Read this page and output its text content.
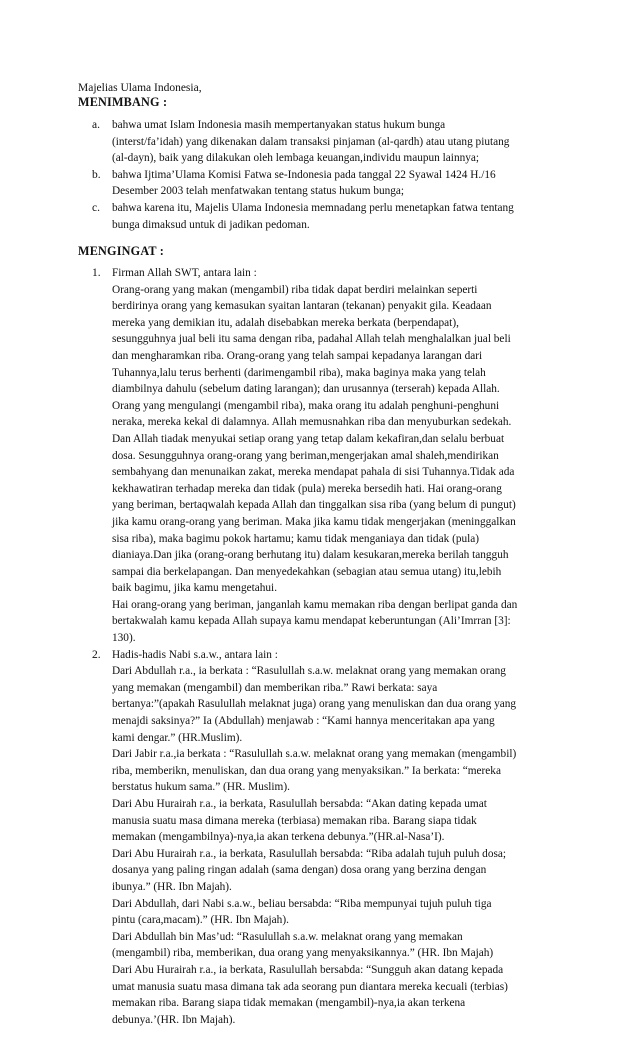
Majelias Ulama Indonesia,
MENIMBANG :
a. bahwa umat Islam Indonesia masih mempertanyakan status hukum bunga
(interst/fa’idah) yang dikenakan dalam transaksi pinjaman (al-qardh) atau utang piutang
(al-dayn), baik yang dilakukan oleh lembaga keuangan,individu maupun lainnya;
b. bahwa Ijtima’Ulama Komisi Fatwa se-Indonesia pada tanggal 22 Syawal 1424 H./16
Desember 2003 telah menfatwakan tentang status hukum bunga;
c. bahwa karena itu, Majelis Ulama Indonesia memnadang perlu menetapkan fatwa tentang
bunga dimaksud untuk di jadikan pedoman.
MENGINGAT :
1. Firman Allah SWT, antara lain :
Orang-orang yang makan (mengambil) riba tidak dapat berdiri melainkan seperti
berdirinya orang yang kemasukan syaitan lantaran (tekanan) penyakit gila. Keadaan
mereka yang demikian itu, adalah disebabkan mereka berkata (berpendapat),
sesungguhnya jual beli itu sama dengan riba, padahal Allah telah menghalalkan jual beli
dan mengharamkan riba. Orang-orang yang telah sampai kepadanya larangan dari
Tuhannya,lalu terus berhenti (darimengambil riba), maka baginya maka yang telah
diambilnya dahulu (sebelum dating larangan); dan urusannya (terserah) kepada Allah.
Orang yang mengulangi (mengambil riba), maka orang itu adalah penghuni-penghuni
neraka, mereka kekal di dalamnya. Allah memusnahkan riba dan menyuburkan sedekah.
Dan Allah tiadak menyukai setiap orang yang tetap dalam kekafiran,dan selalu berbuat
dosa. Sesungguhnya orang-orang yang beriman,mengerjakan amal shaleh,mendirikan
sembahyang dan menunaikan zakat, mereka mendapat pahala di sisi Tuhannya.Tidak ada
kekhawatiran terhadap mereka dan tidak (pula) mereka bersedih hati. Hai orang-orang
yang beriman, bertaqwalah kepada Allah dan tinggalkan sisa riba (yang belum di pungut)
jika kamu orang-orang yang beriman. Maka jika kamu tidak mengerjakan (meninggalkan
sisa riba), maka bagimu pokok hartamu; kamu tidak menganiaya dan tidak (pula)
dianiaya.Dan jika (orang-orang berhutang itu) dalam kesukaran,mereka berilah tangguh
sampai dia berkelapangan. Dan menyedekahkan (sebagian atau semua utang) itu,lebih
baik bagimu, jika kamu mengetahui.
Hai orang-orang yang beriman, janganlah kamu memakan riba dengan berlipat ganda dan
bertakwalah kamu kepada Allah supaya kamu mendapat keberuntungan (Ali’Imrran [3]:
130).
2. Hadis-hadis Nabi s.a.w., antara lain :
Dari Abdullah r.a., ia berkata : “Rasulullah s.a.w. melaknat orang yang memakan orang
yang memakan (mengambil) dan memberikan riba.” Rawi berkata: saya
bertanya:”(apakah Rasulullah melaknat juga) orang yang menuliskan dan dua orang yang
menajdi saksinya?” Ia (Abdullah) menjawab : “Kami hannya menceritakan apa yang
kami dengar.” (HR.Muslim).
Dari Jabir r.a.,ia berkata : “Rasulullah s.a.w. melaknat orang yang memakan (mengambil)
riba, memberikn, menuliskan, dan dua orang yang menyaksikan.” Ia berkata: “mereka
berstatus hukum sama.” (HR. Muslim).
Dari Abu Hurairah r.a., ia berkata, Rasulullah bersabda: “Akan dating kepada umat
manusia suatu masa dimana mereka (terbiasa) memakan riba. Barang siapa tidak
memakan (mengambilnya)-nya,ia akan terkena debunya.”(HR.al-Nasa’I).
Dari Abu Hurairah r.a., ia berkata, Rasulullah bersabda: “Riba adalah tujuh puluh dosa;
dosanya yang paling ringan adalah (sama dengan) dosa orang yang berzina dengan
ibunya.” (HR. Ibn Majah).
Dari Abdullah, dari Nabi s.a.w., beliau bersabda: “Riba mempunyai tujuh puluh tiga
pintu (cara,macam).” (HR. Ibn Majah).
Dari Abdullah bin Mas’ud: “Rasulullah s.a.w. melaknat orang yang memakan
(mengambil) riba, memberikan, dua orang yang menyaksikannya.” (HR. Ibn Majah)
Dari Abu Hurairah r.a., ia berkata, Rasulullah bersabda: “Sungguh akan datang kepada
umat manusia suatu masa dimana tak ada seorang pun diantara mereka kecuali (terbias)
memakan riba. Barang siapa tidak memakan (mengambil)-nya,ia akan terkena
debunya.’(HR. Ibn Majah).
